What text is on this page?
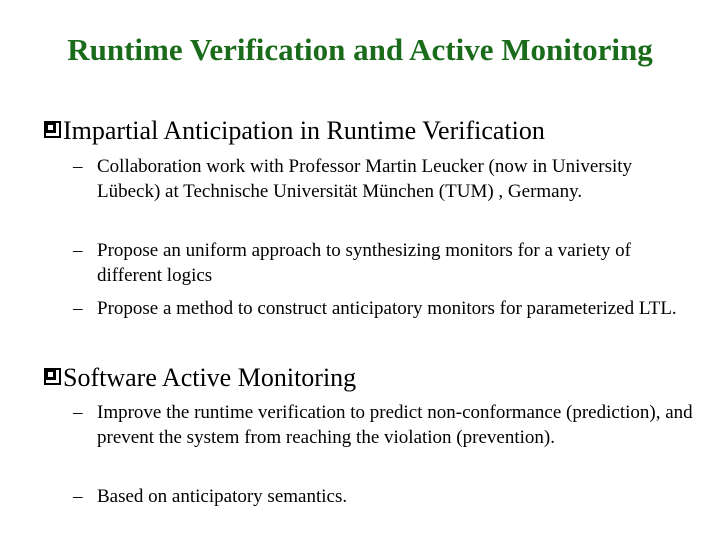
Runtime Verification and Active Monitoring
Impartial Anticipation in Runtime Verification
– Collaboration work with Professor Martin Leucker (now in University Lübeck) at Technische Universität München (TUM) , Germany.
– Propose an uniform approach to synthesizing monitors for a variety of different logics
– Propose a method to construct anticipatory monitors for parameterized LTL.
Software Active Monitoring
– Improve the runtime verification to predict non-conformance (prediction), and prevent the system from reaching the violation (prevention).
– Based on anticipatory semantics.
